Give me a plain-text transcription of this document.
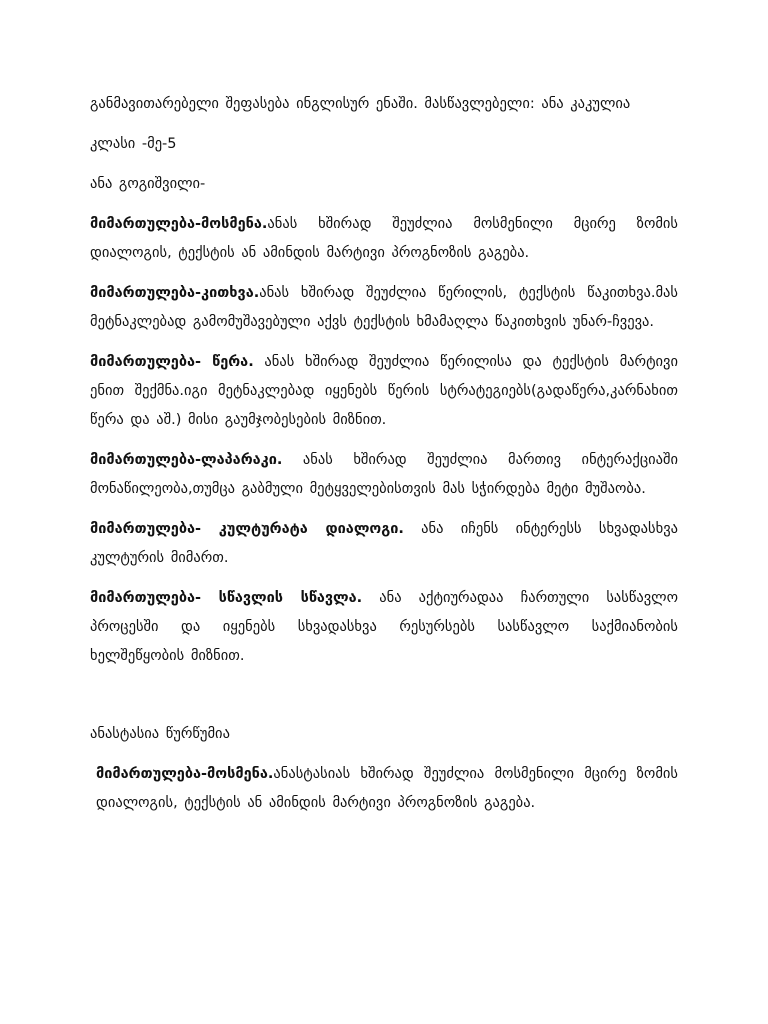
განმავითარებელი შეფასება ინგლისურ ენაში. მასწავლებელი: ანა კაკულია

კლასი -მე-5

ანა გოგიშვილი-

მიმართულება-მოსმენა.ანას ხშირად შეუძლია მოსმენილი მცირე ზომის დიალოგის, ტექსტის ან ამინდის მარტივი პროგნოზის გაგება.

მიმართულება-კითხვა.ანას ხშირად შეუძლია წერილის, ტექსტის წაკითხვა.მას მეტნაკლებად გამომუშავებული აქვს ტექსტის ხმამაღლა წაკითხვის უნარ-ჩვევა.

მიმართულება- წერა. ანას ხშირად შეუძლია წერილისა და ტექსტის მარტივი ენით შექმნა.იგი მეტნაკლებად იყენებს წერის სტრატეგიებს(გადაწერა,კარნახით წერა და აშ.) მისი გაუმჯობესების მიზნით.

მიმართულება-ლაპარაკი. ანას ხშირად შეუძლია მართივ ინტერაქციაში მონაწილეობა,თუმცა გაბმული მეტყველებისთვის მას სჭირდება მეტი მუშაობა.

მიმართულება- კულტურატა დიალოგი. ანა იჩენს ინტერესს სხვადასხვა კულტურის მიმართ.

მიმართულება- სწავლის სწავლა. ანა აქტიურადაა ჩართული სასწავლო პროცესში და იყენებს სხვადასხვა რესურსებს სასწავლო საქმიანობის ხელშეწყობის მიზნით.

ანასტასია წურწუმია

მიმართულება-მოსმენა.ანასტასიას ხშირად შეუძლია მოსმენილი მცირე ზომის დიალოგის, ტექსტის ან ამინდის მარტივი პროგნოზის გაგება.
